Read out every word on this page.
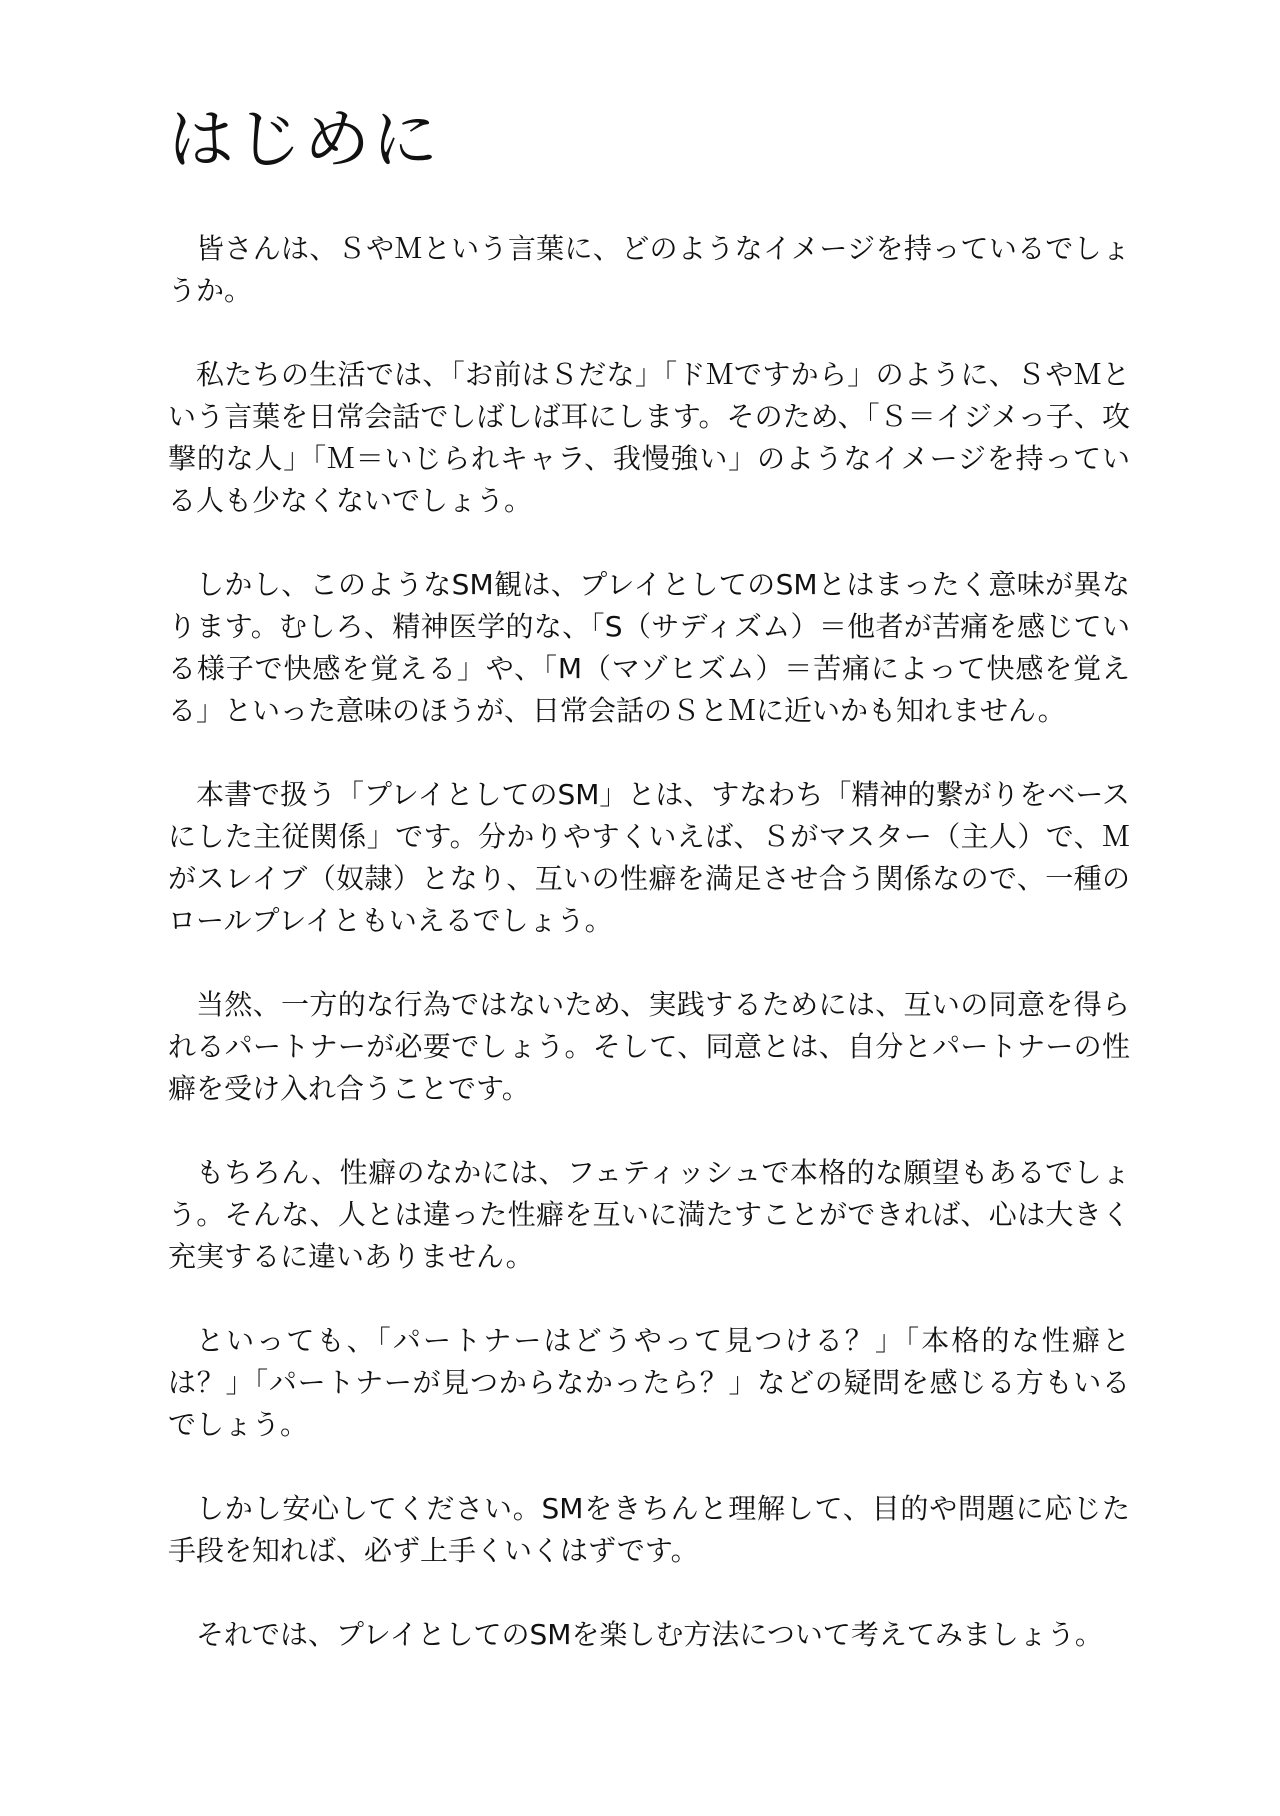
はじめに

皆さんは、ＳやＭという言葉に、どのようなイメージを持っているでしょうか。

私たちの生活では、「お前はＳだな」「ドＭですから」のように、ＳやＭという言葉を日常会話でしばしば耳にします。そのため、「Ｓ＝イジメっ子、攻撃的な人」「Ｍ＝いじられキャラ、我慢強い」のようなイメージを持っている人も少なくないでしょう。

しかし、このようなSM観は、プレイとしてのSMとはまったく意味が異なります。むしろ、精神医学的な、「S（サディズム）＝他者が苦痛を感じている様子で快感を覚える」や、「M（マゾヒズム）＝苦痛によって快感を覚える」といった意味のほうが、日常会話のＳとＭに近いかも知れません。

本書で扱う「プレイとしてのSM」とは、すなわち「精神的繋がりをベースにした主従関係」です。分かりやすくいえば、Ｓがマスター（主人）で、Ｍがスレイブ（奴隷）となり、互いの性癖を満足させ合う関係なので、一種のロールプレイともいえるでしょう。

当然、一方的な行為ではないため、実践するためには、互いの同意を得られるパートナーが必要でしょう。そして、同意とは、自分とパートナーの性癖を受け入れ合うことです。

もちろん、性癖のなかには、フェティッシュで本格的な願望もあるでしょう。そんな、人とは違った性癖を互いに満たすことができれば、心は大きく充実するに違いありません。

といっても、「パートナーはどうやって見つける？」「本格的な性癖とは？」「パートナーが見つからなかったら？」などの疑問を感じる方もいるでしょう。

しかし安心してください。SMをきちんと理解して、目的や問題に応じた手段を知れば、必ず上手くいくはずです。

それでは、プレイとしてのSMを楽しむ方法について考えてみましょう。
